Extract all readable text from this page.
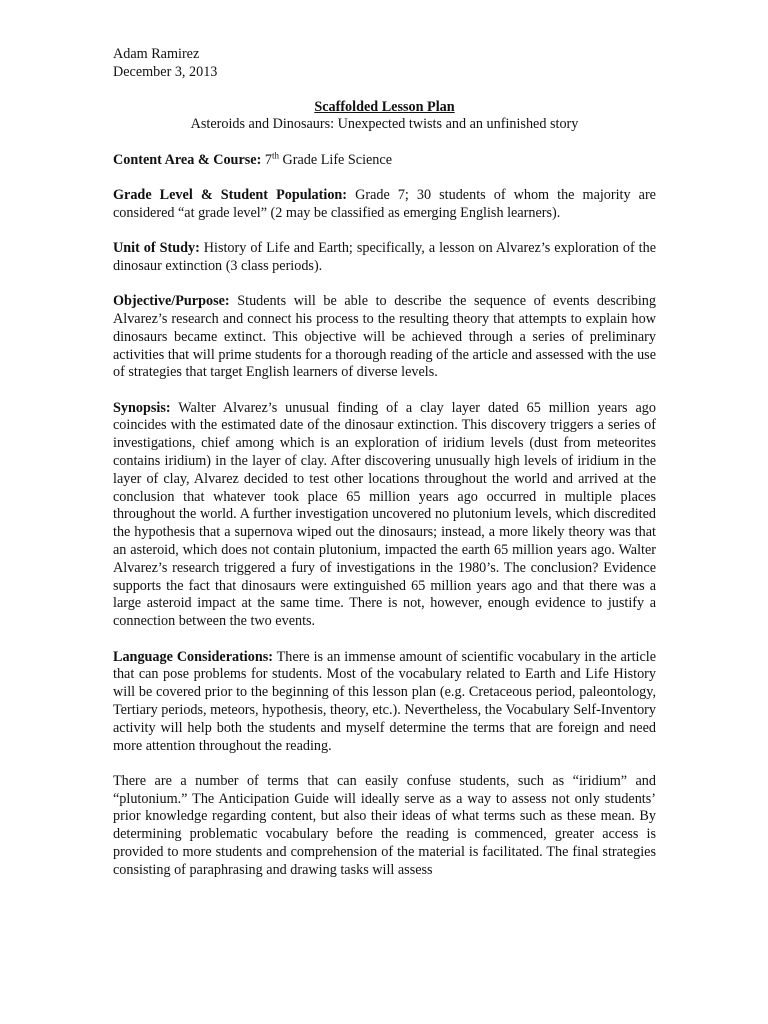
Adam Ramirez
December 3, 2013
Scaffolded Lesson Plan
Asteroids and Dinosaurs: Unexpected twists and an unfinished story

Content Area & Course: 7th Grade Life Science

Grade Level & Student Population: Grade 7; 30 students of whom the majority are considered “at grade level” (2 may be classified as emerging English learners).

Unit of Study: History of Life and Earth; specifically, a lesson on Alvarez’s exploration of the dinosaur extinction (3 class periods).

Objective/Purpose: Students will be able to describe the sequence of events describing Alvarez’s research and connect his process to the resulting theory that attempts to explain how dinosaurs became extinct. This objective will be achieved through a series of preliminary activities that will prime students for a thorough reading of the article and assessed with the use of strategies that target English learners of diverse levels.

Synopsis: Walter Alvarez’s unusual finding of a clay layer dated 65 million years ago coincides with the estimated date of the dinosaur extinction. This discovery triggers a series of investigations, chief among which is an exploration of iridium levels (dust from meteorites contains iridium) in the layer of clay. After discovering unusually high levels of iridium in the layer of clay, Alvarez decided to test other locations throughout the world and arrived at the conclusion that whatever took place 65 million years ago occurred in multiple places throughout the world. A further investigation uncovered no plutonium levels, which discredited the hypothesis that a supernova wiped out the dinosaurs; instead, a more likely theory was that an asteroid, which does not contain plutonium, impacted the earth 65 million years ago. Walter Alvarez’s research triggered a fury of investigations in the 1980’s. The conclusion? Evidence supports the fact that dinosaurs were extinguished 65 million years ago and that there was a large asteroid impact at the same time. There is not, however, enough evidence to justify a connection between the two events.

Language Considerations: There is an immense amount of scientific vocabulary in the article that can pose problems for students. Most of the vocabulary related to Earth and Life History will be covered prior to the beginning of this lesson plan (e.g. Cretaceous period, paleontology, Tertiary periods, meteors, hypothesis, theory, etc.). Nevertheless, the Vocabulary Self-Inventory activity will help both the students and myself determine the terms that are foreign and need more attention throughout the reading.

There are a number of terms that can easily confuse students, such as “iridium” and “plutonium.” The Anticipation Guide will ideally serve as a way to assess not only students’ prior knowledge regarding content, but also their ideas of what terms such as these mean. By determining problematic vocabulary before the reading is commenced, greater access is provided to more students and comprehension of the material is facilitated. The final strategies consisting of paraphrasing and drawing tasks will assess
